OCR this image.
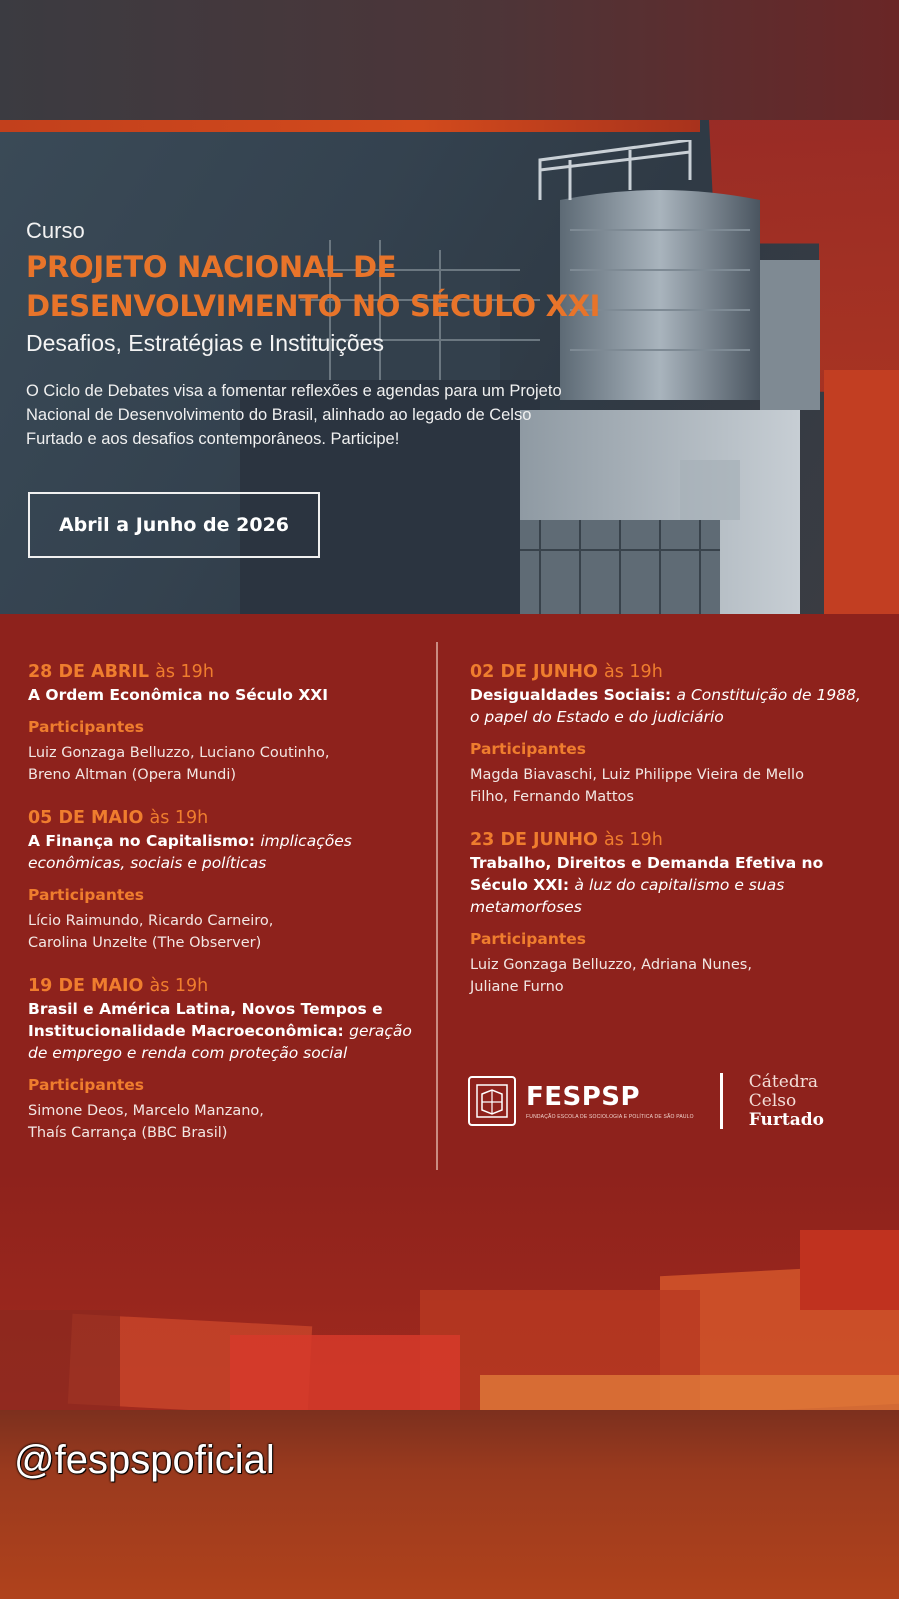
Curso
PROJETO NACIONAL DE
DESENVOLVIMENTO NO SÉCULO XXI
Desafios, Estratégias e Instituições
O Ciclo de Debates visa a fomentar reflexões e agendas para um Projeto
Nacional de Desenvolvimento do Brasil, alinhado ao legado de Celso
Furtado e aos desafios contemporâneos. Participe!
Abril a Junho de 2026
28 DE ABRIL às 19h
A Ordem Econômica no Século XXI
Participantes
Luiz Gonzaga Belluzzo, Luciano Coutinho,
Breno Altman (Opera Mundi)
05 DE MAIO às 19h
A Finança no Capitalismo: implicações econômicas, sociais e políticas
Participantes
Lício Raimundo, Ricardo Carneiro,
Carolina Unzelte (The Observer)
19 DE MAIO às 19h
Brasil e América Latina, Novos Tempos e Institucionalidade Macroeconômica: geração de emprego e renda com proteção social
Participantes
Simone Deos, Marcelo Manzano,
Thaís Carrança (BBC Brasil)
02 DE JUNHO às 19h
Desigualdades Sociais: a Constituição de 1988, o papel do Estado e do judiciário
Participantes
Magda Biavaschi, Luiz Philippe Vieira de Mello
Filho, Fernando Mattos
23 DE JUNHO às 19h
Trabalho, Direitos e Demanda Efetiva no Século XXI: à luz do capitalismo e suas metamorfoses
Participantes
Luiz Gonzaga Belluzzo, Adriana Nunes,
Juliane Furno
FESPSP
FUNDAÇÃO ESCOLA DE SOCIOLOGIA E POLÍTICA DE SÃO PAULO
Cátedra
Celso
Furtado
@fespspoficial
